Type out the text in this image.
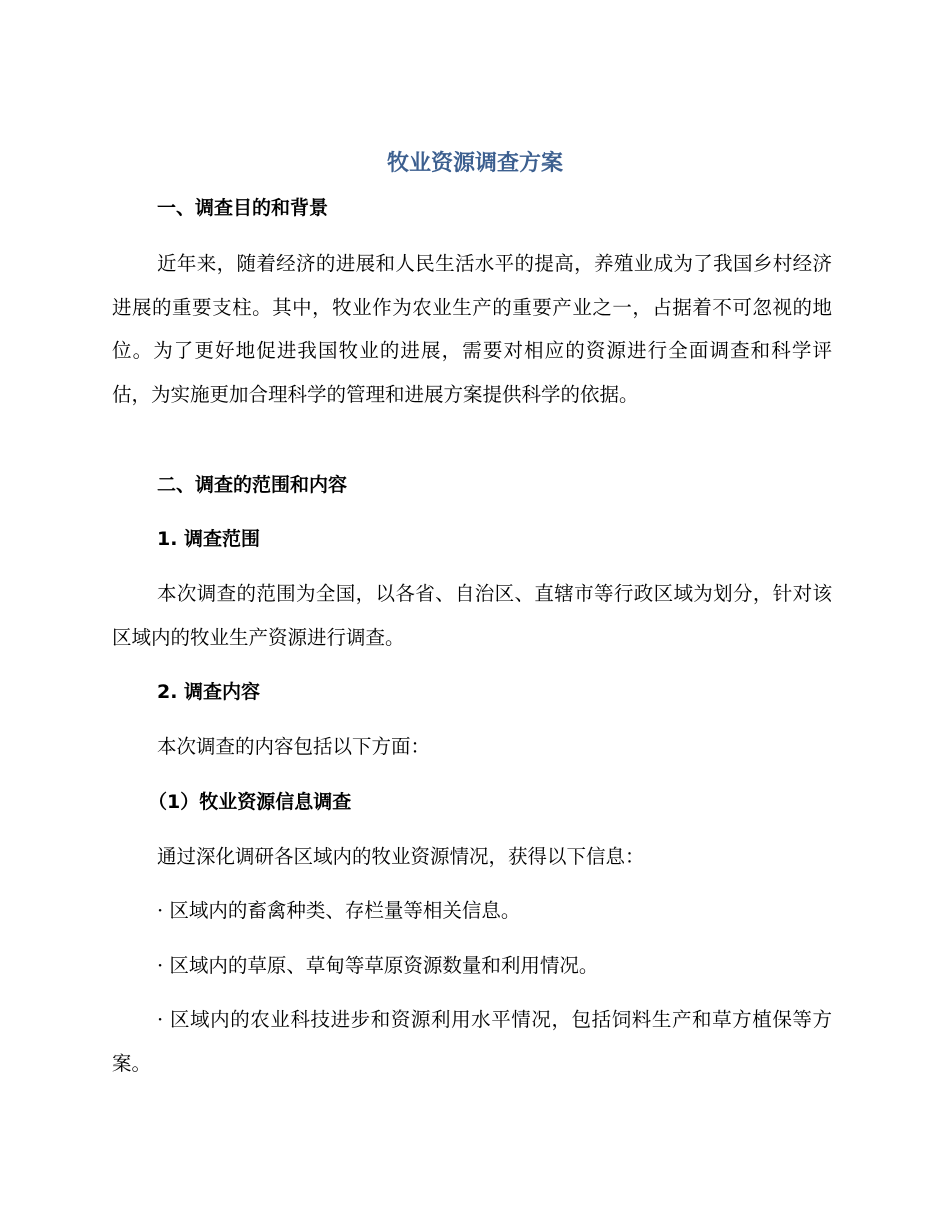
牧业资源调查方案
一、调查目的和背景

近年来，随着经济的进展和人民生活水平的提高，养殖业成为了我国乡村经济进展的重要支柱。其中，牧业作为农业生产的重要产业之一，占据着不可忽视的地位。为了更好地促进我国牧业的进展，需要对相应的资源进行全面调查和科学评估，为实施更加合理科学的管理和进展方案提供科学的依据。

二、调查的范围和内容
1. 调查范围

本次调查的范围为全国，以各省、自治区、直辖市等行政区域为划分，针对该区域内的牧业生产资源进行调查。

2. 调查内容

本次调查的内容包括以下方面：

（1）牧业资源信息调查

通过深化调研各区域内的牧业资源情况，获得以下信息：

· 区域内的畜禽种类、存栏量等相关信息。

· 区域内的草原、草甸等草原资源数量和利用情况。

· 区域内的农业科技进步和资源利用水平情况，包括饲料生产和草方植保等方案。
